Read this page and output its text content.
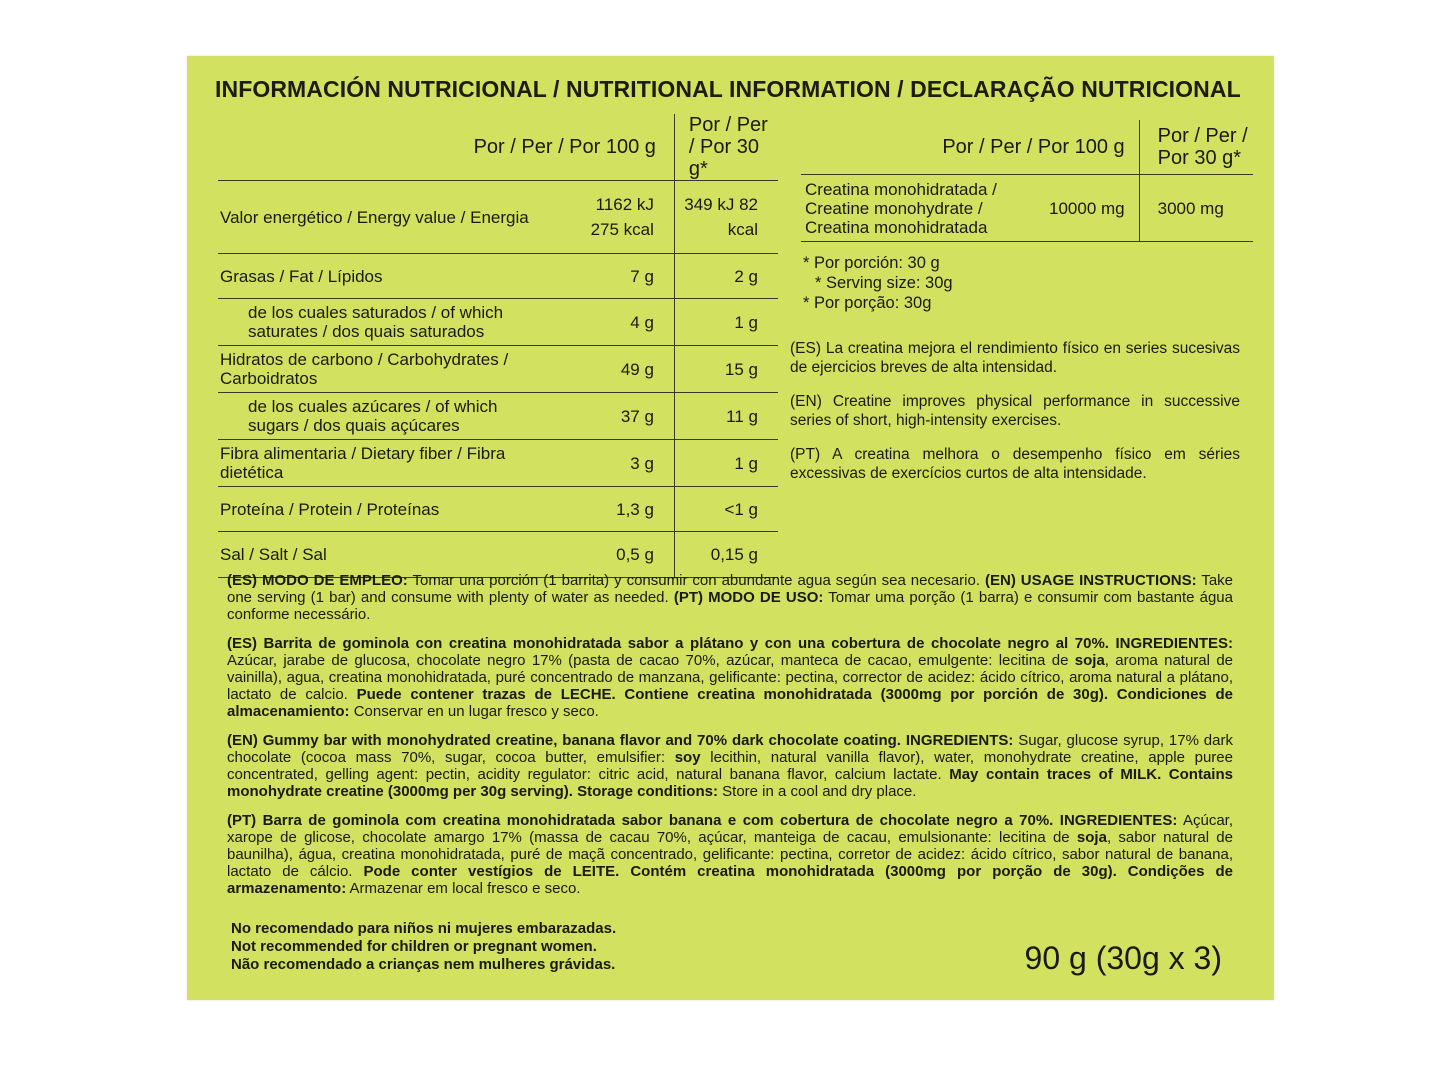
INFORMACIÓN NUTRICIONAL / NUTRITIONAL INFORMATION / DECLARAÇÃO NUTRICIONAL
Por / Per / Por 100 g		Por / Per / Por 30 g*
Valor energético / Energy value / Energia	1162 kJ 275 kcal	349 kJ 82 kcal
Grasas / Fat / Lípidos	7 g	2 g
de los cuales saturados / of which saturates / dos quais saturados	4 g	1 g
Hidratos de carbono / Carbohydrates / Carboidratos	49 g	15 g
de los cuales azúcares / of which sugars / dos quais açúcares	37 g	11 g
Fibra alimentaria / Dietary fiber / Fibra dietética	3 g	1 g
Proteína / Protein / Proteínas	1,3 g	<1 g
Sal / Salt / Sal	0,5 g	0,15 g
Por / Per / Por 100 g		Por / Per / Por 30 g*
Creatina monohidratada / Creatine monohydrate / Creatina monohidratada	10000 mg	3000 mg
* Por porción: 30 g
* Serving size: 30g
* Por porção: 30g

(ES) La creatina mejora el rendimiento físico en series sucesivas de ejercicios breves de alta intensidad.

(EN) Creatine improves physical performance in successive series of short, high-intensity exercises.

(PT) A creatina melhora o desempenho físico em séries excessivas de exercícios curtos de alta intensidade.

(ES) MODO DE EMPLEO: Tomar una porción (1 barrita) y consumir con abundante agua según sea necesario. (EN) USAGE INSTRUCTIONS: Take one serving (1 bar) and consume with plenty of water as needed. (PT) MODO DE USO: Tomar uma porção (1 barra) e consumir com bastante água conforme necessário.

(ES) Barrita de gominola con creatina monohidratada sabor a plátano y con una cobertura de chocolate negro al 70%. INGREDIENTES: Azúcar, jarabe de glucosa, chocolate negro 17% (pasta de cacao 70%, azúcar, manteca de cacao, emulgente: lecitina de soja, aroma natural de vainilla), agua, creatina monohidratada, puré concentrado de manzana, gelificante: pectina, corrector de acidez: ácido cítrico, aroma natural a plátano, lactato de calcio. Puede contener trazas de LECHE. Contiene creatina monohidratada (3000mg por porción de 30g). Condiciones de almacenamiento: Conservar en un lugar fresco y seco.

(EN) Gummy bar with monohydrated creatine, banana flavor and 70% dark chocolate coating. INGREDIENTS: Sugar, glucose syrup, 17% dark chocolate (cocoa mass 70%, sugar, cocoa butter, emulsifier: soy lecithin, natural vanilla flavor), water, monohydrate creatine, apple puree concentrated, gelling agent: pectin, acidity regulator: citric acid, natural banana flavor, calcium lactate. May contain traces of MILK. Contains monohydrate creatine (3000mg per 30g serving). Storage conditions: Store in a cool and dry place.

(PT) Barra de gominola com creatina monohidratada sabor banana e com cobertura de chocolate negro a 70%. INGREDIENTES: Açúcar, xarope de glicose, chocolate amargo 17% (massa de cacau 70%, açúcar, manteiga de cacau, emulsionante: lecitina de soja, sabor natural de baunilha), água, creatina monohidratada, puré de maçã concentrado, gelificante: pectina, corretor de acidez: ácido cítrico, sabor natural de banana, lactato de cálcio. Pode conter vestígios de LEITE. Contém creatina monohidratada (3000mg por porção de 30g). Condições de armazenamento: Armazenar em local fresco e seco.

No recomendado para niños ni mujeres embarazadas.
Not recommended for children or pregnant women.
Não recomendado a crianças nem mulheres grávidas.	90 g (30g x 3)
